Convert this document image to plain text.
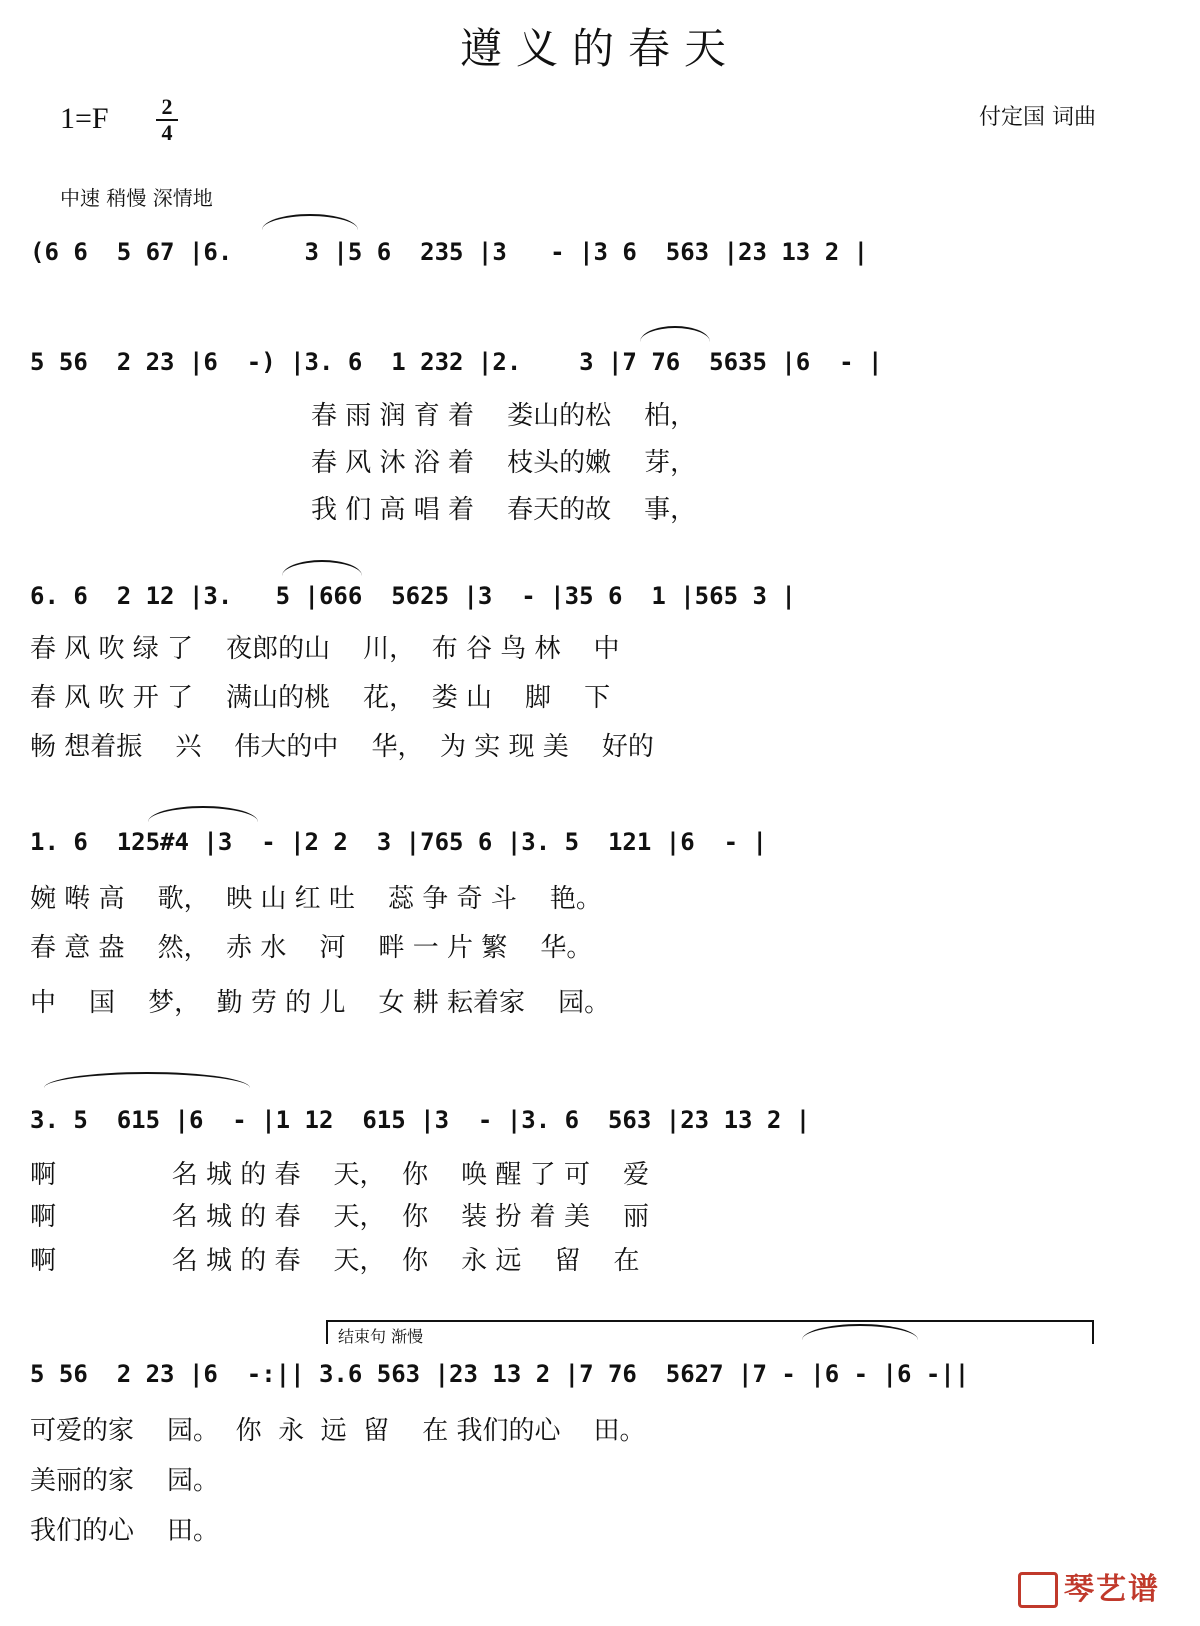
遵义的春天
1=F 2
4
付定国 词曲
中速 稍慢 深情地
(6 6  5 67 |6.     3 |5 6  235 |3   - |3 6  563 |23 13 2 |
5 56  2 23 |6  -) |3. 6  1 232 |2.    3 |7 76  5635 |6  - |
春 雨 润 育 着    娄山的松    柏，
春 风 沐 浴 着    枝头的嫩    芽，
我 们 高 唱 着    春天的故    事，
6. 6  2 12 |3.   5 |666  5625 |3  - |35 6  1 |565 3 |
春 风 吹 绿 了    夜郎的山    川，  布 谷 鸟 林    中
春 风 吹 开 了    满山的桃    花，  娄 山    脚    下
畅 想着振    兴    伟大的中    华，  为 实 现 美    好的
1. 6  125#4 |3  - |2 2  3 |765 6 |3. 5  121 |6  - |
婉 啭 高    歌，  映 山 红 吐    蕊 争 奇 斗    艳。
春 意 盎    然，  赤 水    河    畔 一 片 繁    华。
中    国    梦，  勤 劳 的 儿    女 耕 耘着家    园。
3. 5  615 |6  - |1 12  615 |3  - |3. 6  563 |23 13 2 |
啊              名 城 的 春    天，  你    唤 醒 了 可    爱
啊              名 城 的 春    天，  你    装 扮 着 美    丽
啊              名 城 的 春    天，  你    永 远    留    在
结束句 渐慢
5 56  2 23 |6  -:|| 3.6 563 |23 13 2 |7 76  5627 |7 - |6 - |6 -||
可爱的家    园。  你  永  远  留    在 我们的心    田。
美丽的家    园。
我们的心    田。
琴艺谱
